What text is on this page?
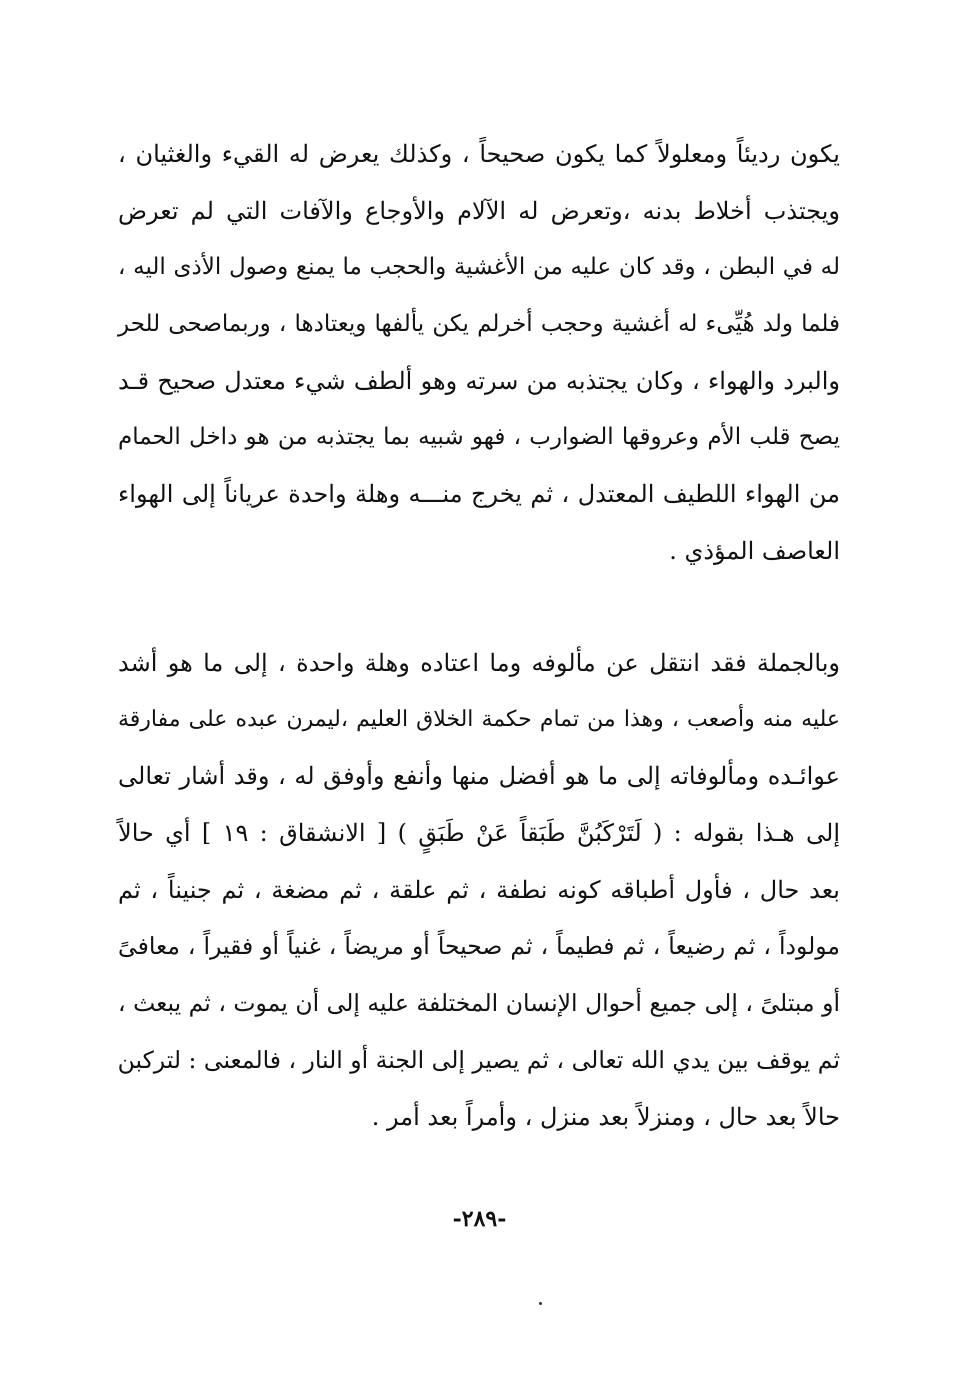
يكون رديئاً ومعلولاً كما يكون صحيحاً ، وكذلك يعرض له القيء والغثيان ،
ويجتذب أخلاط بدنه ،وتعرض له الآلام والأوجاع والآفات التي لم تعرض
له في البطن ، وقد كان عليه من الأغشية والحجب ما يمنع وصول الأذى اليه ،
فلما ولد هُيِّىء له أغشية وحجب أخرلم يكن يألفها ويعتادها ، وربماصحى للحر
والبرد والهواء ، وكان يجتذبه من سرته وهو ألطف شيء معتدل صحيح قـد
يصح قلب الأم وعروقها الضوارب ، فهو شبيه بما يجتذبه من هو داخل الحمام
من الهواء اللطيف المعتدل ، ثم يخرج منـــه وهلة واحدة عرياناً إلى الهواء
العاصف المؤذي .
وبالجملة فقد انتقل عن مألوفه وما اعتاده وهلة واحدة ، إلى ما هو أشد
عليه منه وأصعب ، وهذا من تمام حكمة الخلاق العليم ،ليمرن عبده على مفارقة
عوائـده ومألوفاته إلى ما هو أفضل منها وأنفع وأوفق له ، وقد أشار تعالى
إلى هـذا بقوله : ( لَتَرْكَبُنَّ طَبَقاً عَنْ طَبَقٍ ) [ الانشقاق : ١٩ ] أي حالاً
بعد حال ، فأول أطباقه كونه نطفة ، ثم علقة ، ثم مضغة ، ثم جنيناً ، ثم
مولوداً ، ثم رضيعاً ، ثم فطيماً ، ثم صحيحاً أو مريضاً ، غنياً أو فقيراً ، معافىً
أو مبتلىً ، إلى جميع أحوال الإنسان المختلفة عليه إلى أن يموت ، ثم يبعث ،
ثم يوقف بين يدي الله تعالى ، ثم يصير إلى الجنة أو النار ، فالمعنى : لتركبن
حالاً بعد حال ، ومنزلاً بعد منزل ، وأمراً بعد أمر .
-٢٨٩-
